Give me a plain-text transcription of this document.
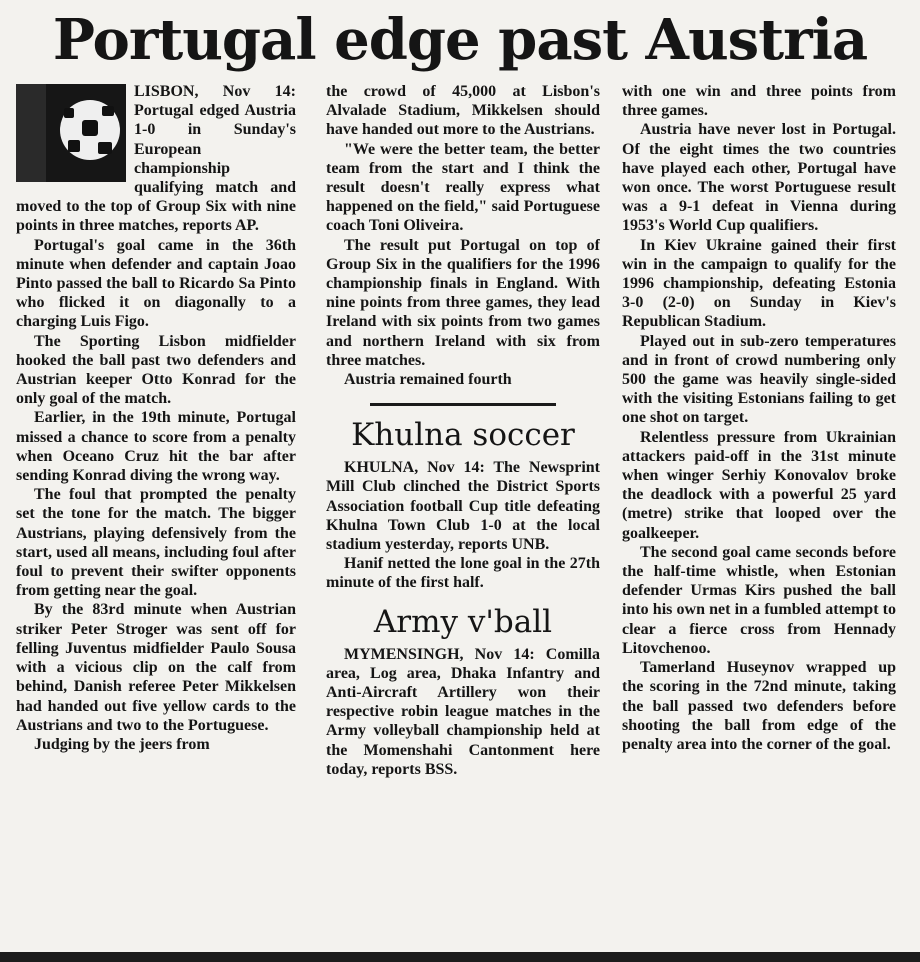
Portugal edge past Austria

LISBON, Nov 14: Portugal edged Austria 1-0 in Sunday's European championship qualifying match and moved to the top of Group Six with nine points in three matches, reports AP.

Portugal's goal came in the 36th minute when defender and captain Joao Pinto passed the ball to Ricardo Sa Pinto who flicked it on diagonally to a charging Luis Figo.

The Sporting Lisbon midfielder hooked the ball past two defenders and Austrian keeper Otto Konrad for the only goal of the match.

Earlier, in the 19th minute, Portugal missed a chance to score from a penalty when Oceano Cruz hit the bar after sending Konrad diving the wrong way.

The foul that prompted the penalty set the tone for the match. The bigger Austrians, playing defensively from the start, used all means, including foul after foul to prevent their swifter opponents from getting near the goal.

By the 83rd minute when Austrian striker Peter Stroger was sent off for felling Juventus midfielder Paulo Sousa with a vicious clip on the calf from behind, Danish referee Peter Mikkelsen had handed out five yellow cards to the Austrians and two to the Portuguese.

Judging by the jeers from

the crowd of 45,000 at Lisbon's Alvalade Stadium, Mikkelsen should have handed out more to the Austrians.

"We were the better team, the better team from the start and I think the result doesn't really express what happened on the field," said Portuguese coach Toni Oliveira.

The result put Portugal on top of Group Six in the qualifiers for the 1996 championship finals in England. With nine points from three games, they lead Ireland with six points from two games and northern Ireland with six from three matches.

Austria remained fourth

Khulna soccer

KHULNA, Nov 14: The Newsprint Mill Club clinched the District Sports Association football Cup title defeating Khulna Town Club 1-0 at the local stadium yesterday, reports UNB.

Hanif netted the lone goal in the 27th minute of the first half.

Army v'ball

MYMENSINGH, Nov 14: Comilla area, Log area, Dhaka Infantry and Anti-Aircraft Artillery won their respective robin league matches in the Army volleyball championship held at the Momenshahi Cantonment here today, reports BSS.

with one win and three points from three games.

Austria have never lost in Portugal. Of the eight times the two countries have played each other, Portugal have won once. The worst Portuguese result was a 9-1 defeat in Vienna during 1953's World Cup qualifiers.

In Kiev Ukraine gained their first win in the campaign to qualify for the 1996 championship, defeating Estonia 3-0 (2-0) on Sunday in Kiev's Republican Stadium.

Played out in sub-zero temperatures and in front of crowd numbering only 500 the game was heavily single-sided with the visiting Estonians failing to get one shot on target.

Relentless pressure from Ukrainian attackers paid-off in the 31st minute when winger Serhiy Konovalov broke the deadlock with a powerful 25 yard (metre) strike that looped over the goalkeeper.

The second goal came seconds before the half-time whistle, when Estonian defender Urmas Kirs pushed the ball into his own net in a fumbled attempt to clear a fierce cross from Hennady Litovchenoo.

Tamerland Huseynov wrapped up the scoring in the 72nd minute, taking the ball passed two defenders before shooting the ball from edge of the penalty area into the corner of the goal.
